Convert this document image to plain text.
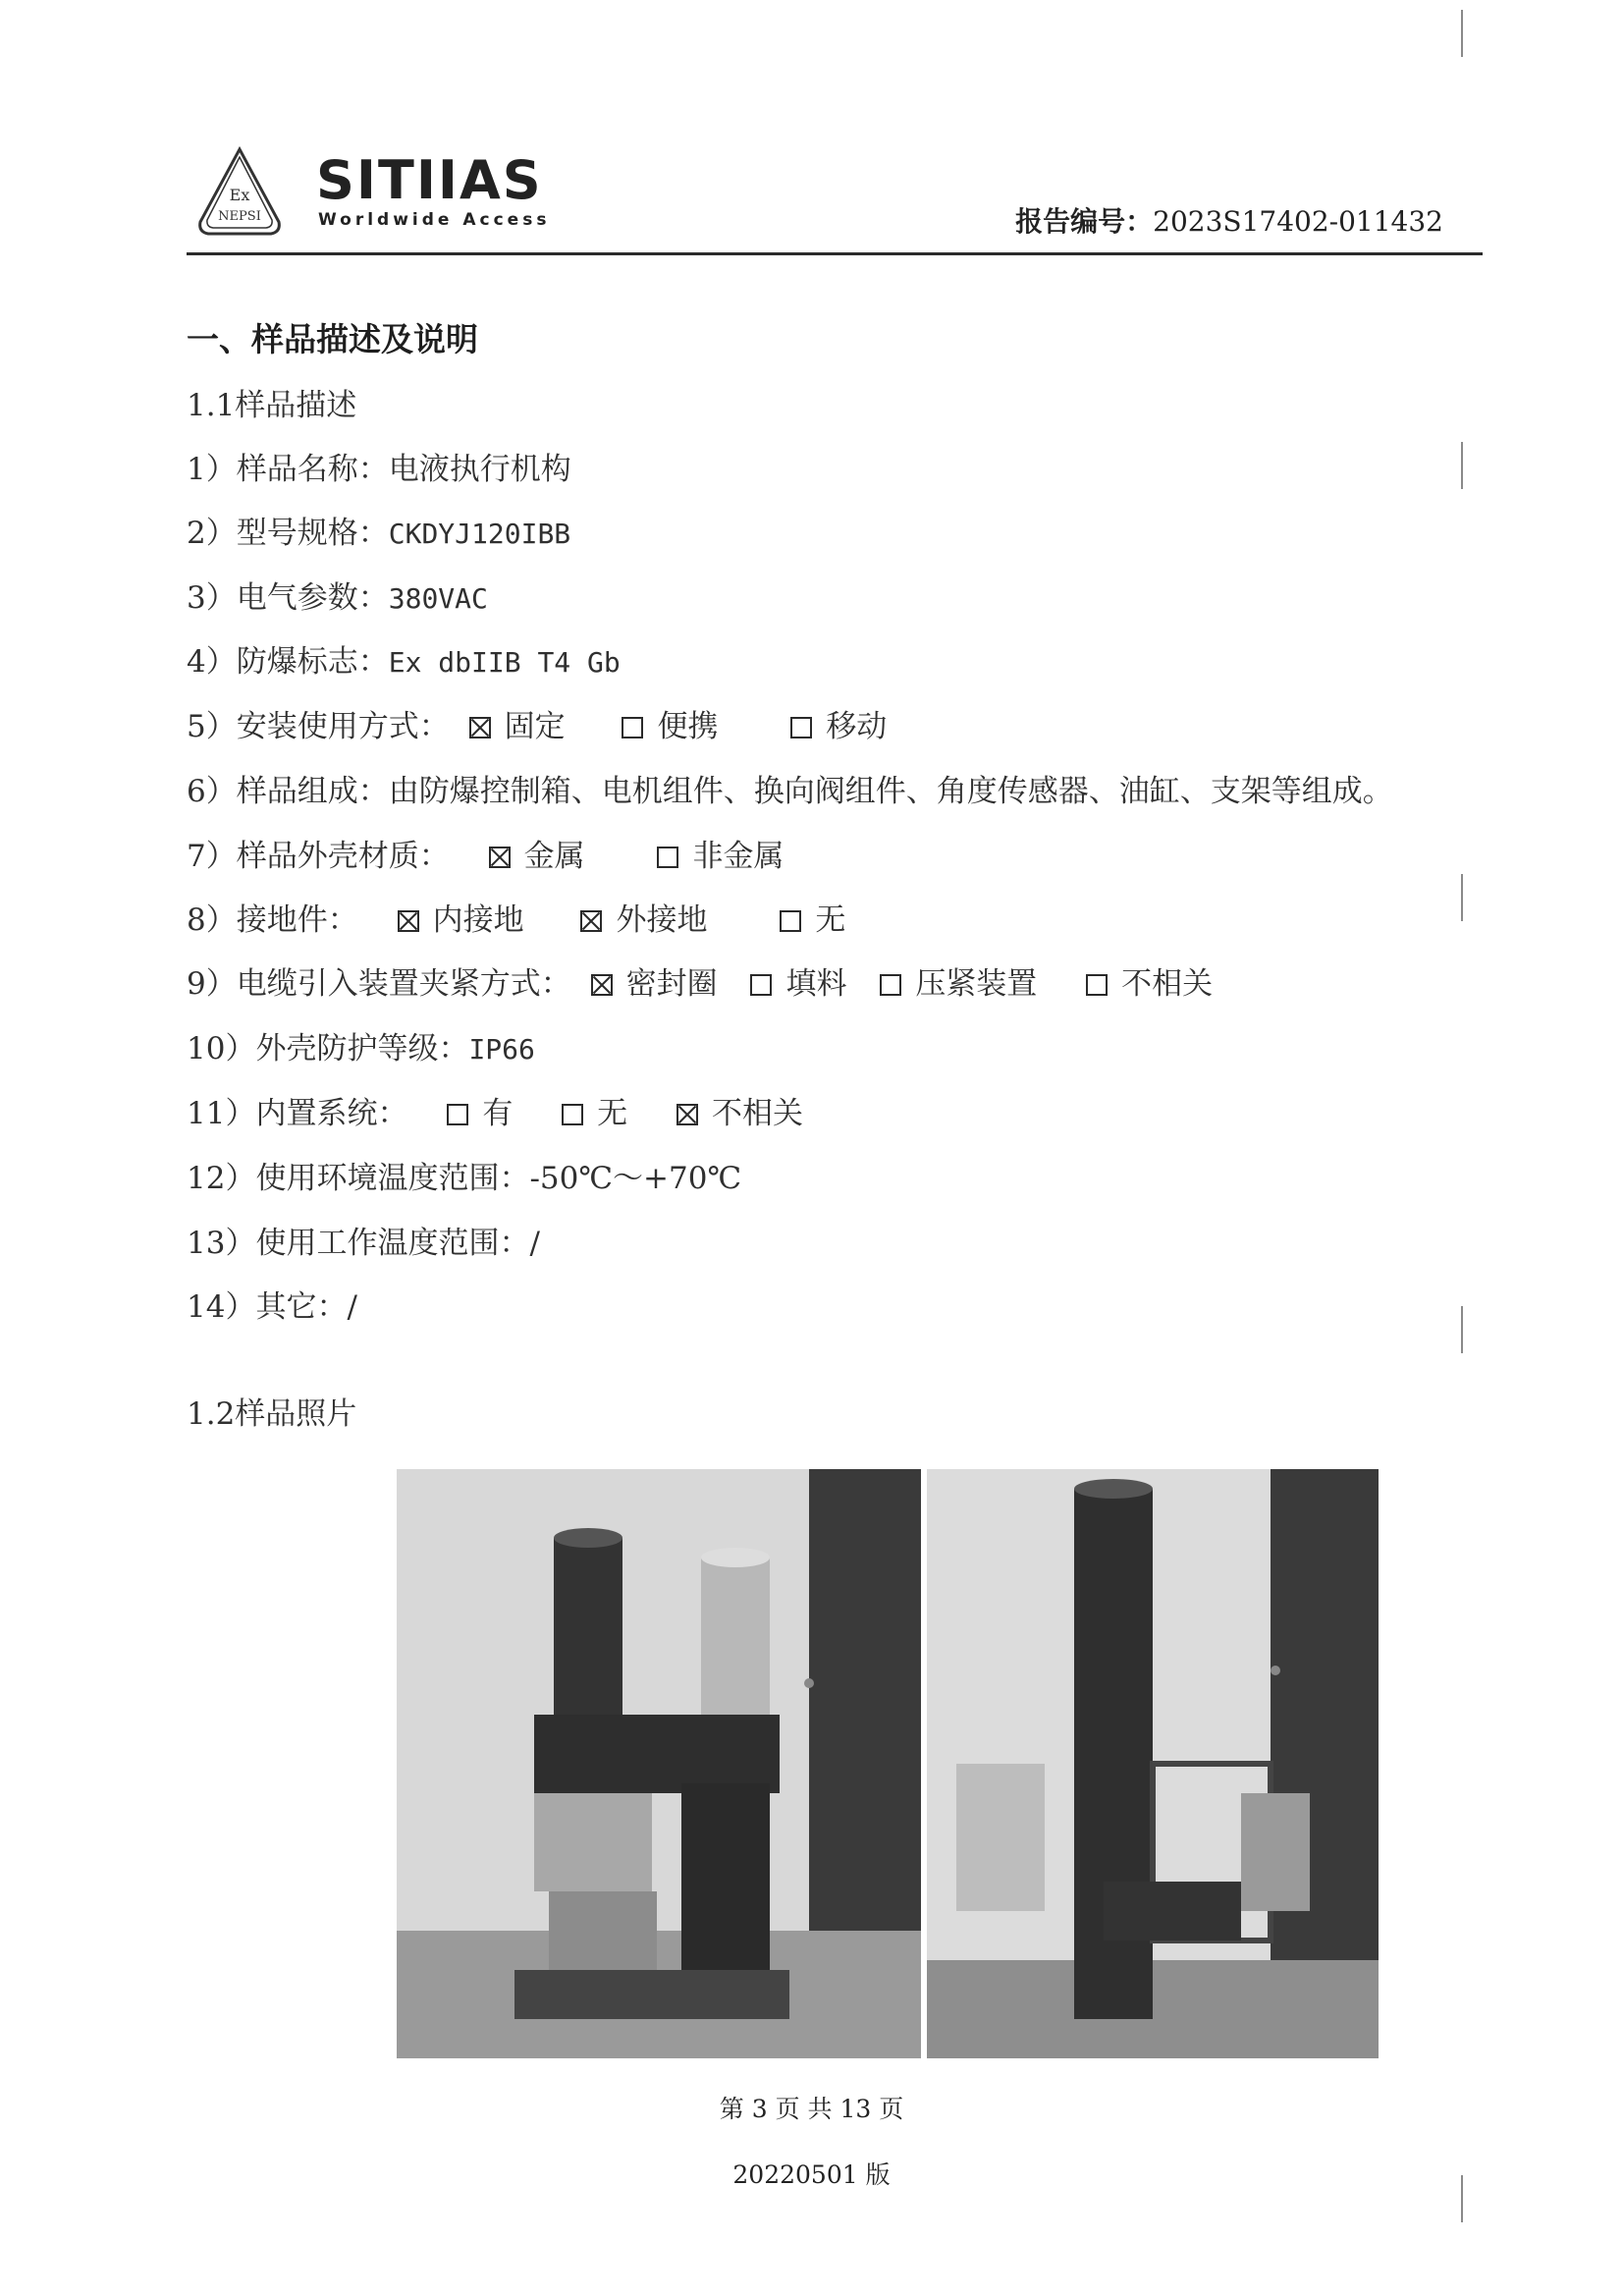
Ex
NEPSI
SITIIAS
Worldwide Access	报告编号：2023S17402-011432
一、样品描述及说明
1.1样品描述
1）样品名称：电液执行机构
2）型号规格：CKDYJ120IBB
3）电气参数：380VAC
4）防爆标志：Ex dbIIB T4 Gb
5）安装使用方式： 固定	便携	移动
6）样品组成：由防爆控制箱、电机组件、换向阀组件、角度传感器、油缸、支架等组成。
7）样品外壳材质： 金属	非金属
8）接地件： 内接地	外接地	无
9）电缆引入装置夹紧方式： 密封圈 填料 压紧装置	不相关
10）外壳防护等级：IP66
11）内置系统： 有	无	不相关
12）使用环境温度范围：-50℃～+70℃
13）使用工作温度范围：/
14）其它：/
1.2样品照片
第 3 页 共 13 页
20220501 版
